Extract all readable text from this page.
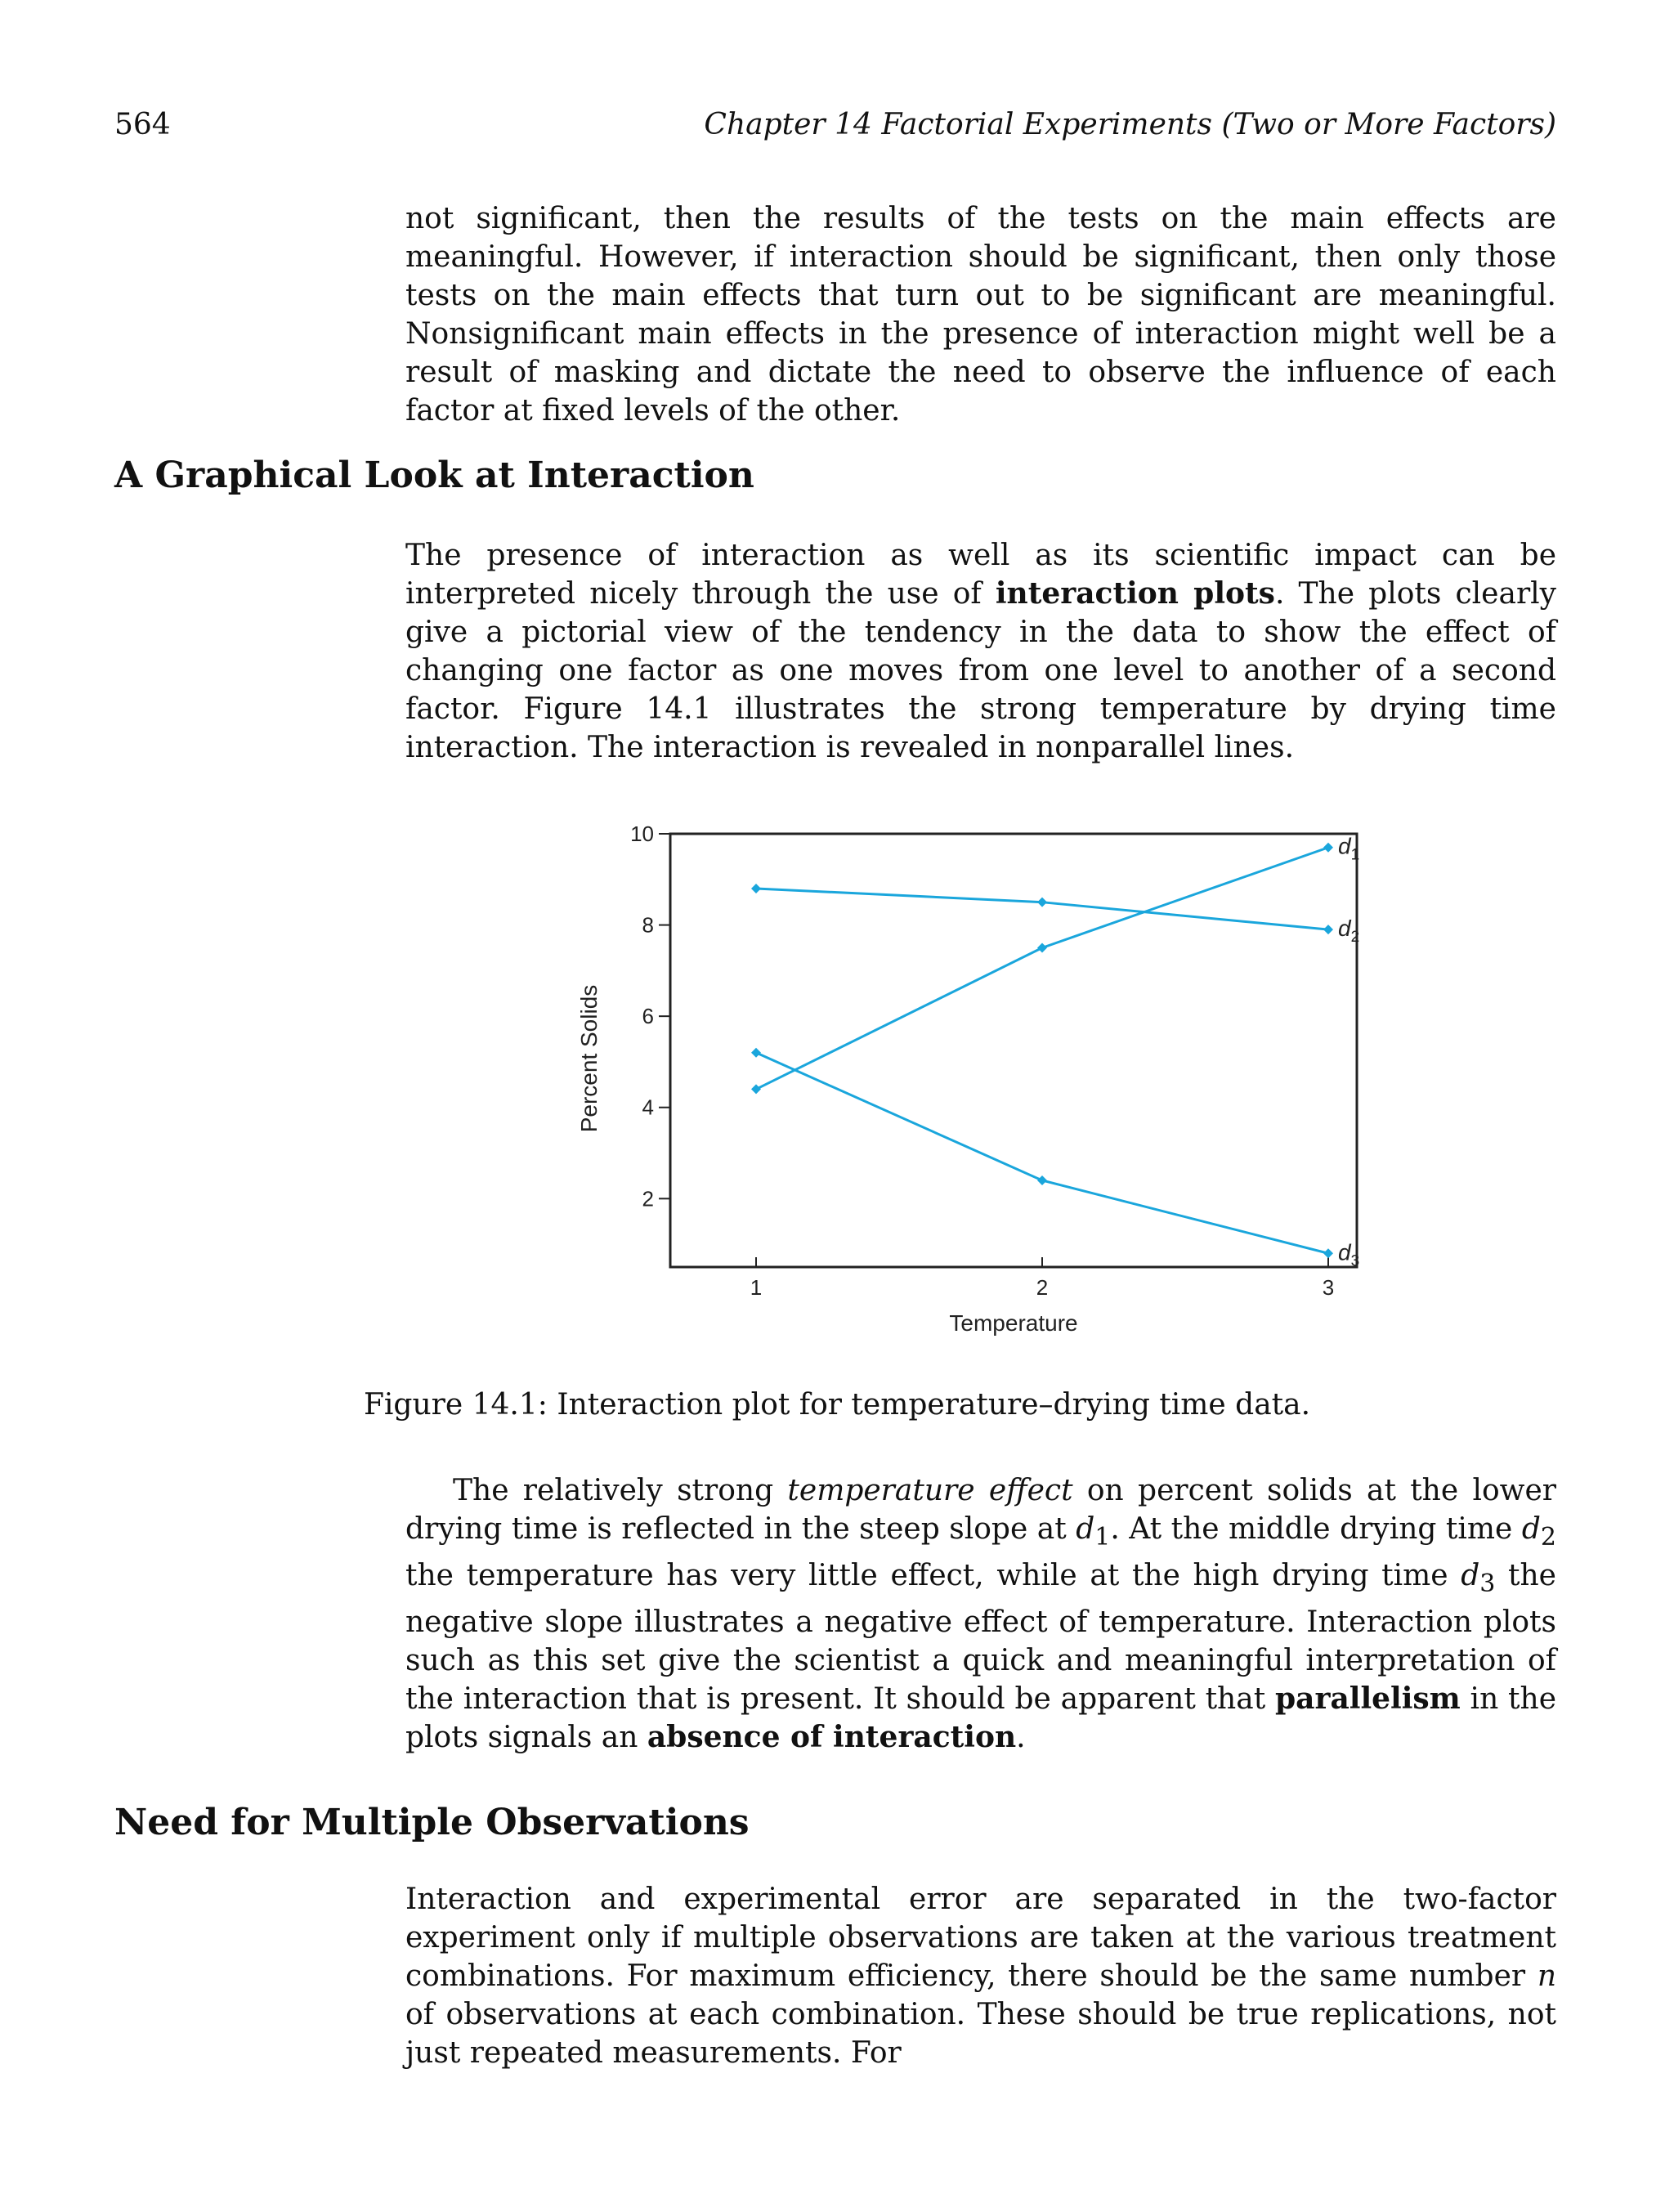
564	Chapter 14 Factorial Experiments (Two or More Factors)

not significant, then the results of the tests on the main effects are meaningful. However, if interaction should be significant, then only those tests on the main effects that turn out to be significant are meaningful. Nonsignificant main effects in the presence of interaction might well be a result of masking and dictate the need to observe the influence of each factor at fixed levels of the other.

A Graphical Look at Interaction

The presence of interaction as well as its scientific impact can be interpreted nicely through the use of interaction plots. The plots clearly give a pictorial view of the tendency in the data to show the effect of changing one factor as one moves from one level to another of a second factor. Figure 14.1 illustrates the strong temperature by drying time interaction. The interaction is revealed in nonparallel lines.

2
4
6
8
10
1	2	3
Temperature
Percent Solids
$d_1$
$d_2$
$d_3$

Figure 14.1: Interaction plot for temperature–drying time data.

The relatively strong temperature effect on percent solids at the lower drying time is reflected in the steep slope at $d_1$. At the middle drying time $d_2$ the temperature has very little effect, while at the high drying time $d_3$ the negative slope illustrates a negative effect of temperature. Interaction plots such as this set give the scientist a quick and meaningful interpretation of the interaction that is present. It should be apparent that parallelism in the plots signals an absence of interaction.

Need for Multiple Observations

Interaction and experimental error are separated in the two-factor experiment only if multiple observations are taken at the various treatment combinations. For maximum efficiency, there should be the same number n of observations at each combination. These should be true replications, not just repeated measurements. For
